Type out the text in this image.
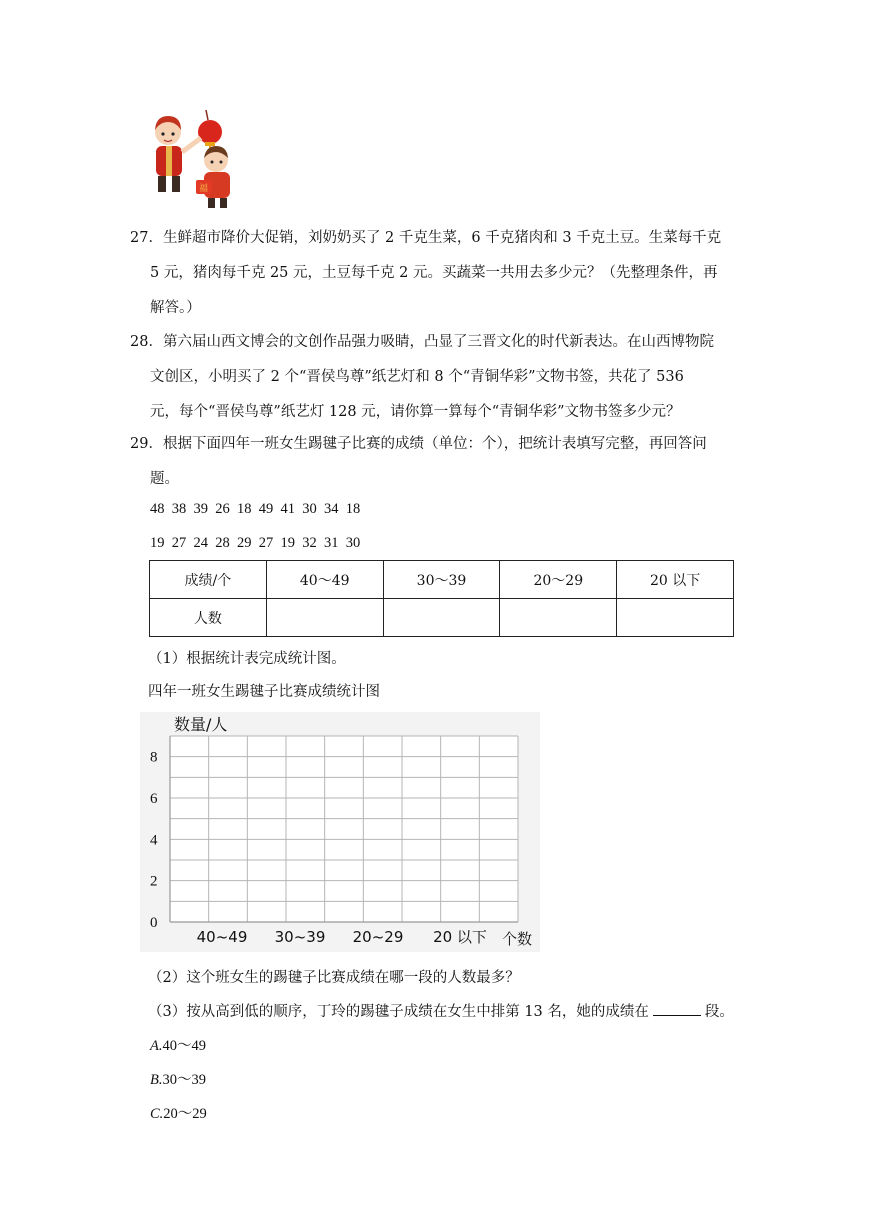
福
27．生鲜超市降价大促销，刘奶奶买了 2 千克生菜，6 千克猪肉和 3 千克土豆。生菜每千克
5 元，猪肉每千克 25 元，土豆每千克 2 元。买蔬菜一共用去多少元？（先整理条件，再
解答。）
28．第六届山西文博会的文创作品强力吸睛，凸显了三晋文化的时代新表达。在山西博物院
文创区，小明买了 2 个“晋侯鸟尊”纸艺灯和 8 个“青铜华彩”文物书签，共花了 536
元，每个“晋侯鸟尊”纸艺灯 128 元，请你算一算每个“青铜华彩”文物书签多少元？
29．根据下面四年一班女生踢毽子比赛的成绩（单位：个），把统计表填写完整，再回答问
题。
48  38  39  26  18  49  41  30  34  18
19  27  24  28  29  27  19  32  31  30
成绩/个	40～49	30～39	20～29	20 以下
人数				
（1）根据统计表完成统计图。
四年一班女生踢毽子比赛成绩统计图
数量/人
0
2
4
6
8
40~49 30~39 20~29 20 以下 个数
（2）这个班女生的踢毽子比赛成绩在哪一段的人数最多？
（3）按从高到低的顺序，丁玲的踢毽子成绩在女生中排第 13 名，她的成绩在	段。
A.40～49
B.30～39
C.20～29
